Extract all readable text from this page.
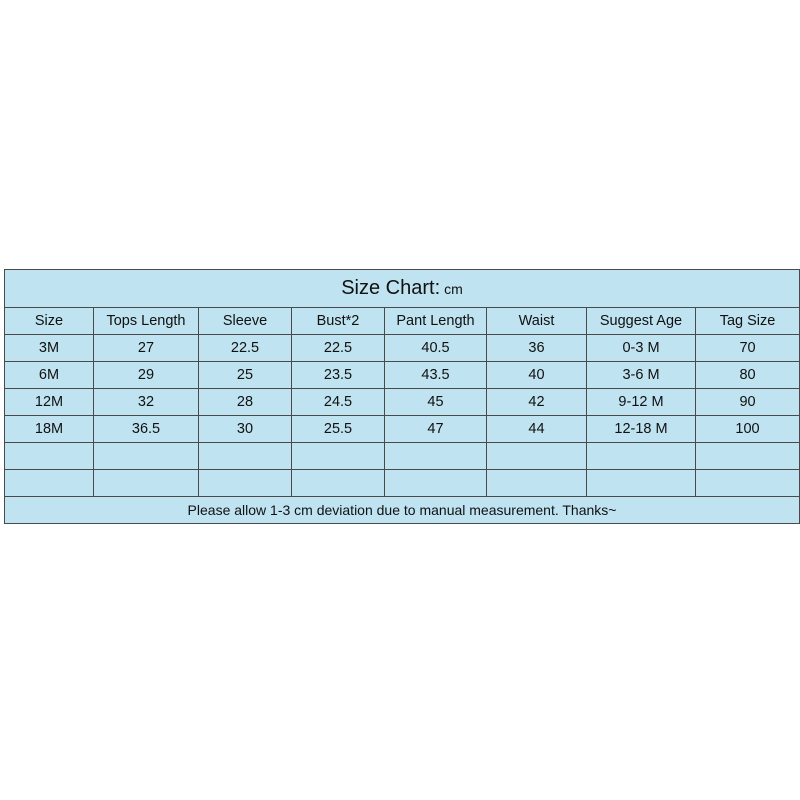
Size Chart: cm							
Size	Tops Length	Sleeve	Bust*2	Pant Length	Waist	Suggest Age	Tag Size
3M	27	22.5	22.5	40.5	36	0-3 M	70
6M	29	25	23.5	43.5	40	3-6 M	80
12M	32	28	24.5	45	42	9-12 M	90
18M	36.5	30	25.5	47	44	12-18 M	100

Please allow 1-3 cm deviation due to manual measurement. Thanks~							
